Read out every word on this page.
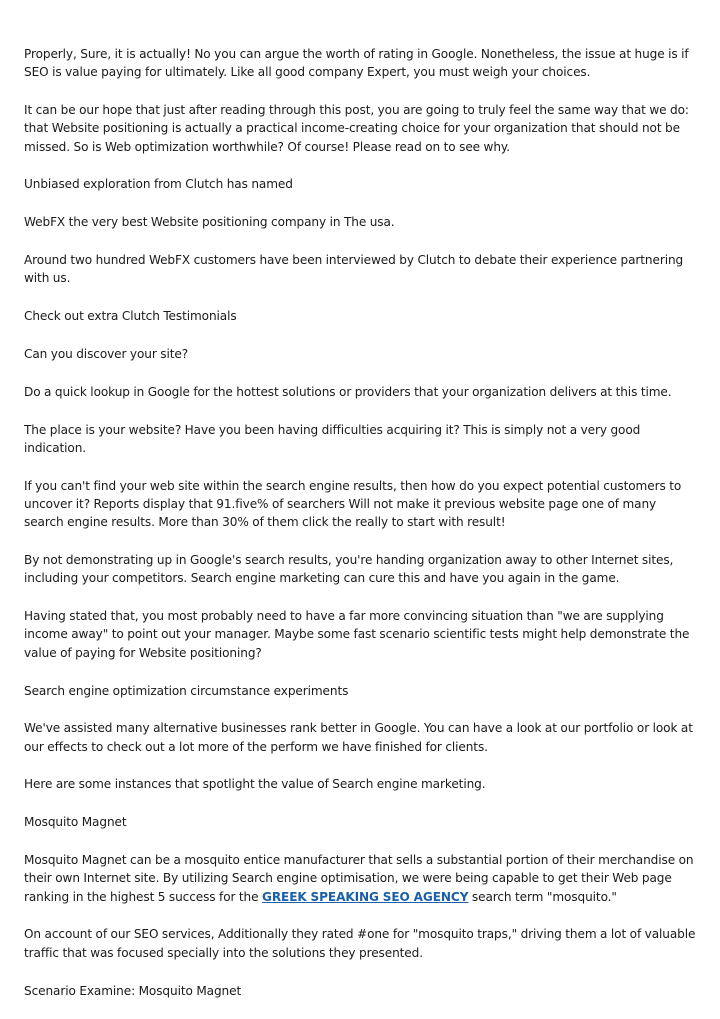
Properly, Sure, it is actually! No you can argue the worth of rating in Google. Nonetheless, the issue at huge is if SEO is value paying for ultimately. Like all good company Expert, you must weigh your choices.

It can be our hope that just after reading through this post, you are going to truly feel the same way that we do: that Website positioning is actually a practical income-creating choice for your organization that should not be missed. So is Web optimization worthwhile? Of course! Please read on to see why.

Unbiased exploration from Clutch has named

WebFX the very best Website positioning company in The usa.

Around two hundred WebFX customers have been interviewed by Clutch to debate their experience partnering with us.

Check out extra Clutch Testimonials

Can you discover your site?

Do a quick lookup in Google for the hottest solutions or providers that your organization delivers at this time.

The place is your website? Have you been having difficulties acquiring it? This is simply not a very good indication.

If you can't find your web site within the search engine results, then how do you expect potential customers to uncover it? Reports display that 91.five% of searchers Will not make it previous website page one of many search engine results. More than 30% of them click the really to start with result!

By not demonstrating up in Google's search results, you're handing organization away to other Internet sites, including your competitors. Search engine marketing can cure this and have you again in the game.

Having stated that, you most probably need to have a far more convincing situation than "we are supplying income away" to point out your manager. Maybe some fast scenario scientific tests might help demonstrate the value of paying for Website positioning?

Search engine optimization circumstance experiments

We've assisted many alternative businesses rank better in Google. You can have a look at our portfolio or look at our effects to check out a lot more of the perform we have finished for clients.

Here are some instances that spotlight the value of Search engine marketing.

Mosquito Magnet

Mosquito Magnet can be a mosquito entice manufacturer that sells a substantial portion of their merchandise on their own Internet site. By utilizing Search engine optimisation, we were being capable to get their Web page ranking in the highest 5 success for the GREEK SPEAKING SEO AGENCY search term "mosquito."

On account of our SEO services, Additionally they rated #one for "mosquito traps," driving them a lot of valuable traffic that was focused specially into the solutions they presented.

Scenario Examine: Mosquito Magnet
